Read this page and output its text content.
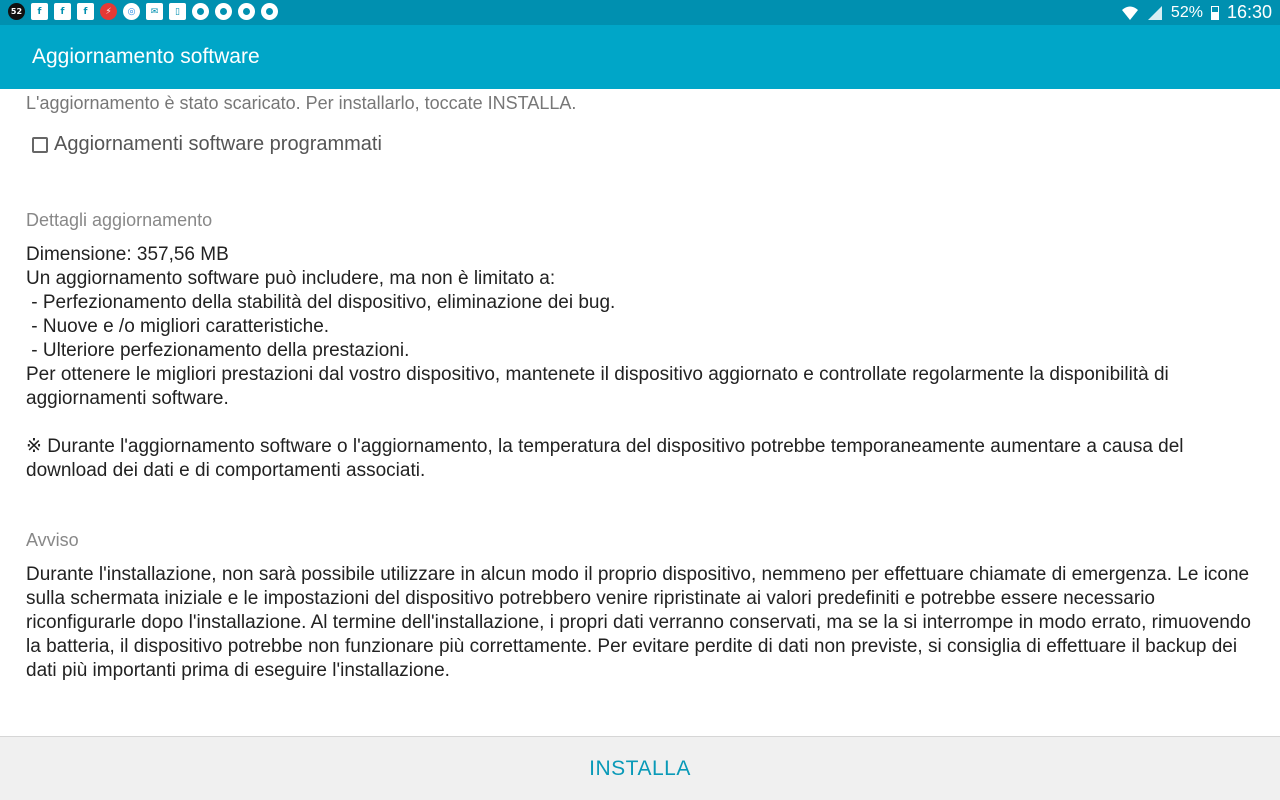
52	f	f	f	⚡	◎	✉	▯	52% 16:30
Aggiornamento software
L'aggiornamento è stato scaricato. Per installarlo, toccate INSTALLA.
Aggiornamenti software programmati
Dettagli aggiornamento
Dimensione: 357,56 MB
Un aggiornamento software può includere, ma non è limitato a:
- Perfezionamento della stabilità del dispositivo, eliminazione dei bug.
- Nuove e /o migliori caratteristiche.
- Ulteriore perfezionamento della prestazioni.
Per ottenere le migliori prestazioni dal vostro dispositivo, mantenete il dispositivo aggiornato e controllate regolarmente la disponibilità di aggiornamenti software.
※ Durante l'aggiornamento software o l'aggiornamento, la temperatura del dispositivo potrebbe temporaneamente aumentare a causa del download dei dati e di comportamenti associati.
Avviso
Durante l'installazione, non sarà possibile utilizzare in alcun modo il proprio dispositivo, nemmeno per effettuare chiamate di emergenza. Le icone sulla schermata iniziale e le impostazioni del dispositivo potrebbero venire ripristinate ai valori predefiniti e potrebbe essere necessario riconfigurarle dopo l'installazione. Al termine dell'installazione, i propri dati verranno conservati, ma se la si interrompe in modo errato, rimuovendo la batteria, il dispositivo potrebbe non funzionare più correttamente. Per evitare perdite di dati non previste, si consiglia di effettuare il backup dei dati più importanti prima di eseguire l'installazione.
INSTALLA
